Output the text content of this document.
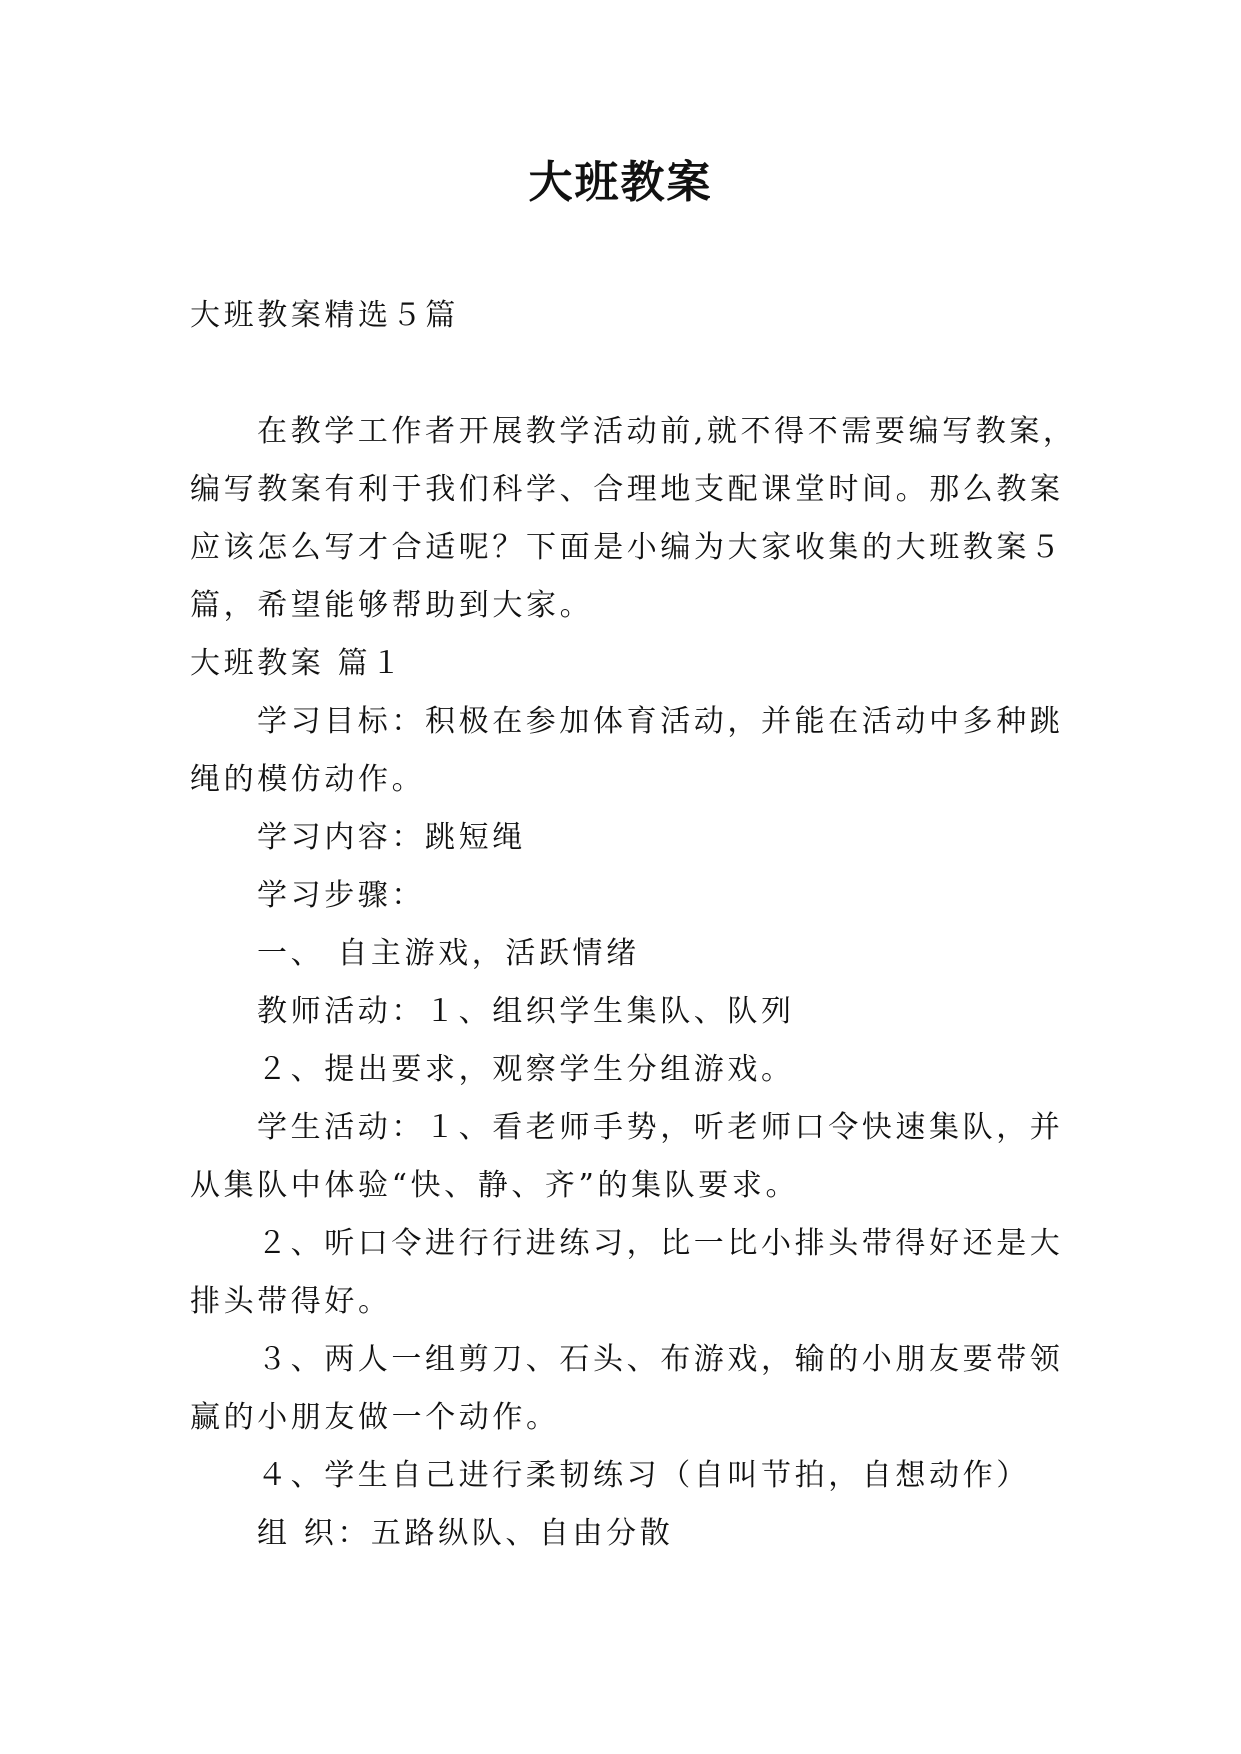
大班教案
大班教案精选５篇
在教学工作者开展教学活动前,就不得不需要编写教案，
编写教案有利于我们科学、合理地支配课堂时间。那么教案
应该怎么写才合适呢？下面是小编为大家收集的大班教案５
篇，希望能够帮助到大家。
大班教案 篇１
学习目标：积极在参加体育活动，并能在活动中多种跳
绳的模仿动作。
学习内容：跳短绳
学习步骤：
一、 自主游戏，活跃情绪
教师活动：１、组织学生集队、队列
２、提出要求，观察学生分组游戏。
学生活动：１、看老师手势，听老师口令快速集队，并
从集队中体验“快、静、齐”的集队要求。
２、听口令进行行进练习，比一比小排头带得好还是大
排头带得好。
３、两人一组剪刀、石头、布游戏，输的小朋友要带领
赢的小朋友做一个动作。
４、学生自己进行柔韧练习（自叫节拍，自想动作）
组 织：五路纵队、自由分散
